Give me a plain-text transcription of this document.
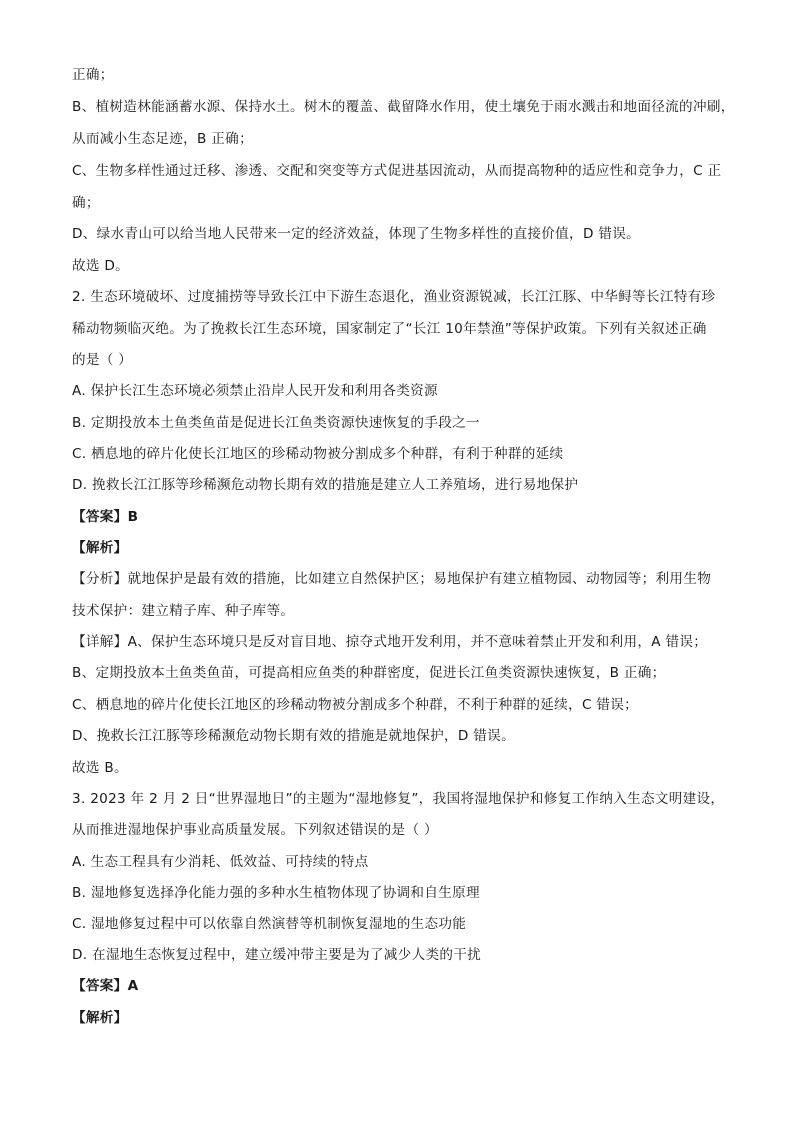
正确；
B、植树造林能涵蓄水源、保持水土。树木的覆盖、截留降水作用，使土壤免于雨水溅击和地面径流的冲刷，
从而减小生态足迹，B 正确；
C、生物多样性通过迁移、渗透、交配和突变等方式促进基因流动，从而提高物种的适应性和竞争力，C 正
确；
D、绿水青山可以给当地人民带来一定的经济效益，体现了生物多样性的直接价值，D 错误。
故选 D。
2. 生态环境破坏、过度捕捞等导致长江中下游生态退化，渔业资源锐减，长江江豚、中华鲟等长江特有珍
稀动物频临灭绝。为了挽救长江生态环境，国家制定了“长江 10年禁渔”等保护政策。下列有关叙述正确
的是（ ）
A. 保护长江生态环境必须禁止沿岸人民开发和利用各类资源
B. 定期投放本土鱼类鱼苗是促进长江鱼类资源快速恢复的手段之一
C. 栖息地的碎片化使长江地区的珍稀动物被分割成多个种群，有利于种群的延续
D. 挽救长江江豚等珍稀濒危动物长期有效的措施是建立人工养殖场，进行易地保护
【答案】B
【解析】
【分析】就地保护是最有效的措施，比如建立自然保护区；易地保护有建立植物园、动物园等；利用生物
技术保护：建立精子库、种子库等。
【详解】A、保护生态环境只是反对盲目地、掠夺式地开发利用，并不意味着禁止开发和利用，A 错误；
B、定期投放本土鱼类鱼苗，可提高相应鱼类的种群密度，促进长江鱼类资源快速恢复，B 正确；
C、栖息地的碎片化使长江地区的珍稀动物被分割成多个种群，不利于种群的延续，C 错误；
D、挽救长江江豚等珍稀濒危动物长期有效的措施是就地保护，D 错误。
故选 B。
3. 2023 年 2 月 2 日“世界湿地日”的主题为“湿地修复”，我国将湿地保护和修复工作纳入生态文明建设，
从而推进湿地保护事业高质量发展。下列叙述错误的是（ ）
A. 生态工程具有少消耗、低效益、可持续的特点
B. 湿地修复选择净化能力强的多种水生植物体现了协调和自生原理
C. 湿地修复过程中可以依靠自然演替等机制恢复湿地的生态功能
D. 在湿地生态恢复过程中，建立缓冲带主要是为了减少人类的干扰
【答案】A
【解析】
